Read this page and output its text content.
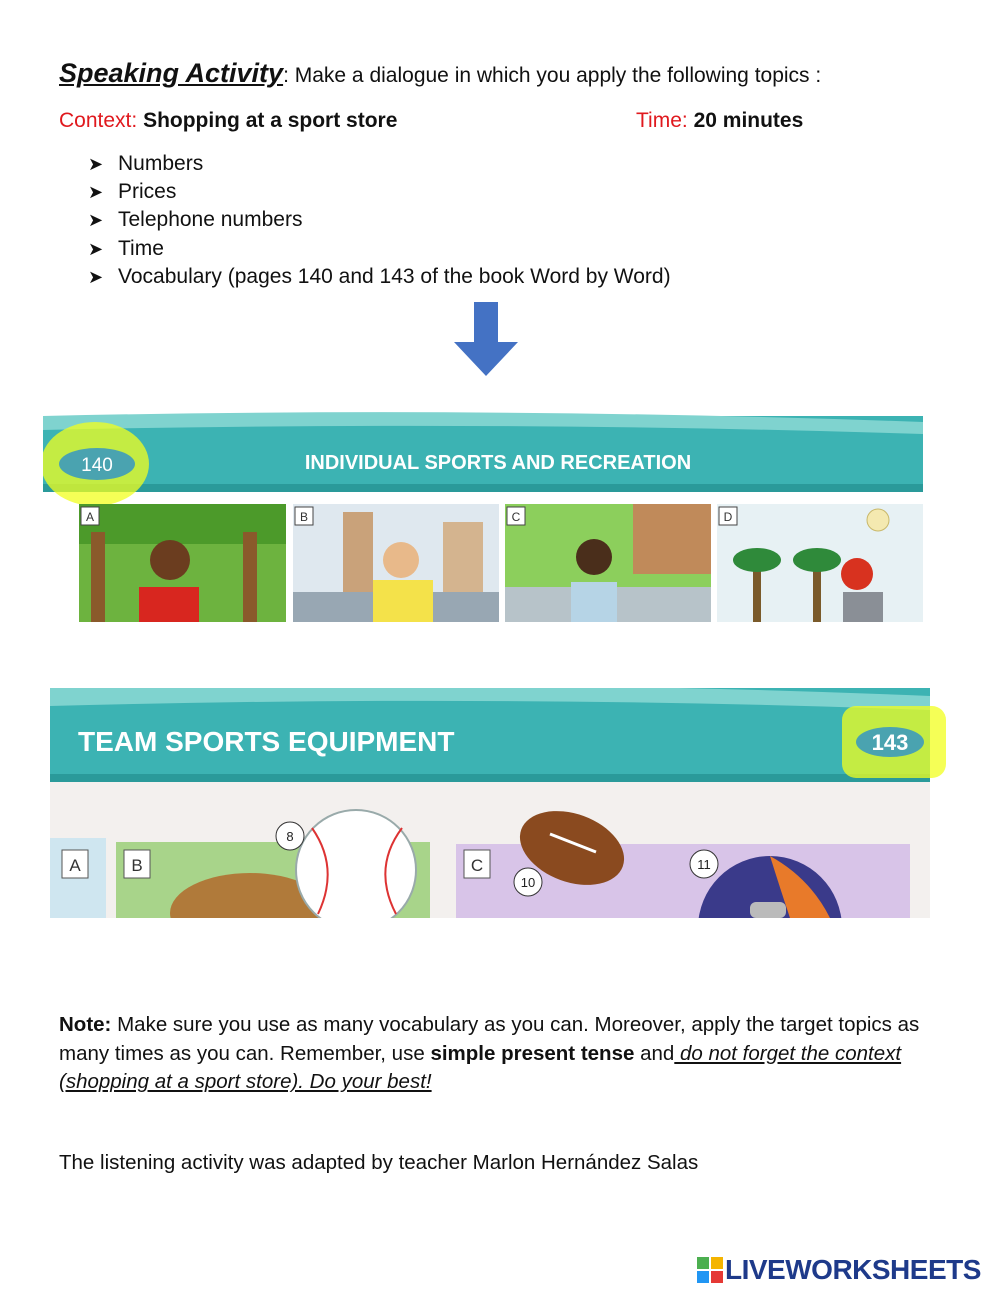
Speaking Activity: Make a dialogue in which you apply the following topics :
Context: Shopping at a sport store	Time: 20 minutes
➤ Numbers
➤ Prices
➤ Telephone numbers
➤ Time
➤ Vocabulary (pages 140 and 143 of the book Word by Word)
140	INDIVIDUAL SPORTS AND RECREATION
A	B	C	D
TEAM SPORTS EQUIPMENT	143
A	B	C
8
10
11
Note: Make sure you use as many vocabulary as you can. Moreover, apply the target topics as many times as you can. Remember, use simple present tense and do not forget the context (shopping at a sport store). Do your best!
The listening activity was adapted by teacher Marlon Hernández Salas
LIVEWORKSHEETS
